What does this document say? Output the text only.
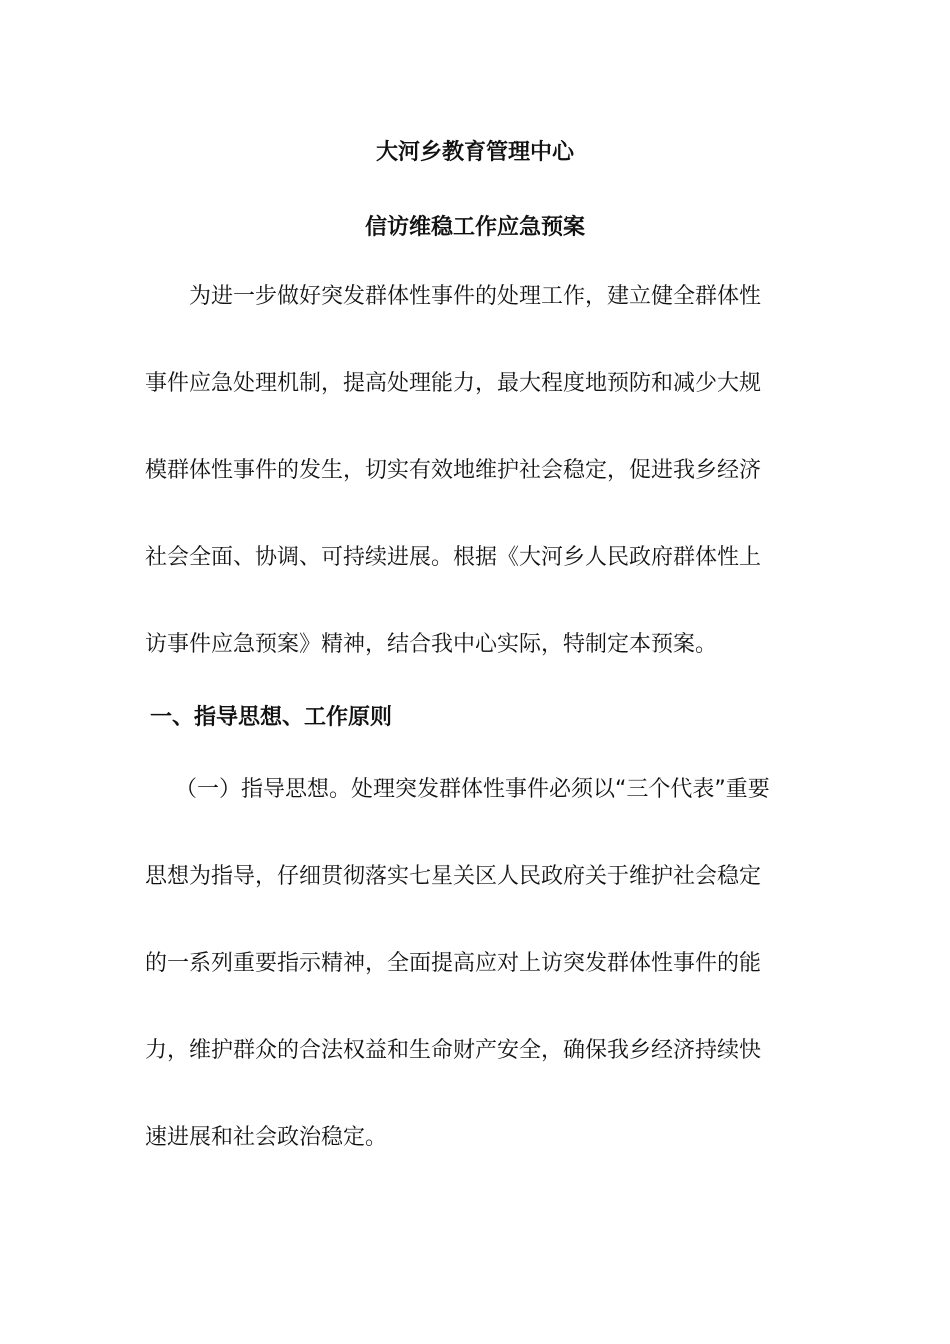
大河乡教育管理中心
信访维稳工作应急预案
为进一步做好突发群体性事件的处理工作，建立健全群体性
事件应急处理机制，提高处理能力，最大程度地预防和减少大规
模群体性事件的发生，切实有效地维护社会稳定，促进我乡经济
社会全面、协调、可持续进展。根据《大河乡人民政府群体性上
访事件应急预案》精神，结合我中心实际，特制定本预案。
一、指导思想、工作原则
（一）指导思想。处理突发群体性事件必须以“三个代表”重要
思想为指导，仔细贯彻落实七星关区人民政府关于维护社会稳定
的一系列重要指示精神，全面提高应对上访突发群体性事件的能
力，维护群众的合法权益和生命财产安全，确保我乡经济持续快
速进展和社会政治稳定。
